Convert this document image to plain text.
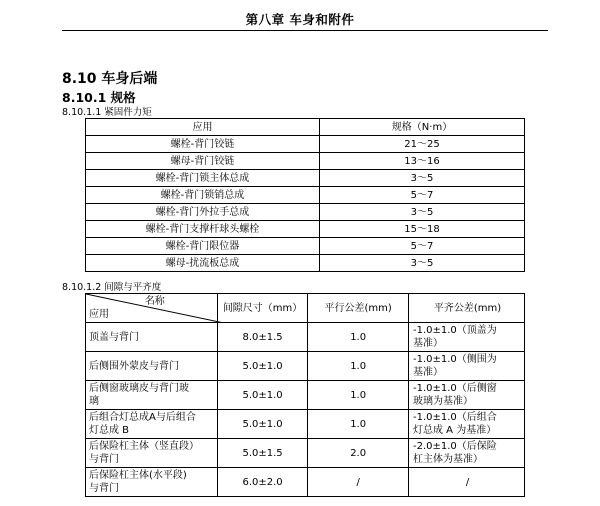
第八章 车身和附件
8.10 车身后端
8.10.1 规格
8.10.1.1 紧固件力矩
应用	规格（N·m）
螺栓-背门铰链	21～25
螺母-背门铰链	13～16
螺栓-背门锁主体总成	3～5
螺栓-背门锁销总成	5～7
螺栓-背门外拉手总成	3～5
螺栓-背门支撑杆球头螺栓	15～18
螺栓-背门限位器	5～7
螺母-扰流板总成	3～5
8.10.1.2 间隙与平齐度
名称
应用	间隙尺寸（mm）	平行公差(mm)	平齐公差(mm)

顶盖与背门	8.0±1.5	1.0	-1.0±1.0（顶盖为
基准）

后侧围外蒙皮与背门	5.0±1.0	1.0	-1.0±1.0（侧围为
基准）

后侧窗玻璃皮与背门玻
璃	5.0±1.0	1.0	-1.0±1.0（后侧窗
玻璃为基准）

后组合灯总成A与后组合
灯总成 B	5.0±1.0	1.0	-1.0±1.0（后组合
灯总成 A 为基准）

后保险杠主体（竖直段）
与背门	5.0±1.5	2.0	-2.0±1.0（后保险
杠主体为基准）

后保险杠主体(水平段)
与背门	6.0±2.0	/	/
